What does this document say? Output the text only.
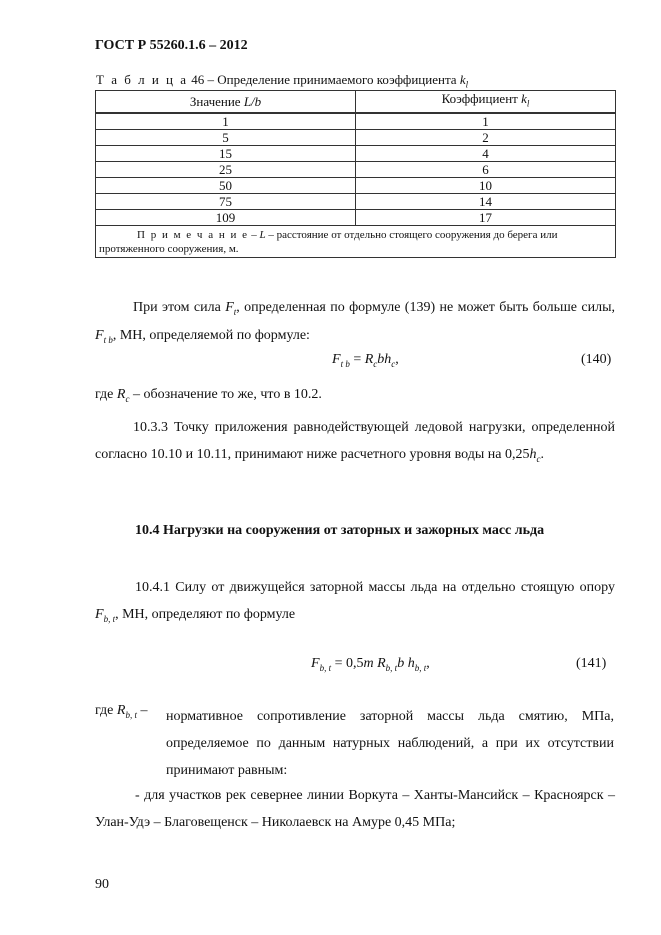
ГОСТ Р 55260.1.6 – 2012
Т а б л и ц а 46 – Определение принимаемого коэффициента $k_l$
Значение L/b	Коэффициент $k_l$
1	1
5	2
15	4
25	6
50	10
75	14
109	17
П р и м е ч а н и е – L – расстояние от отдельно стоящего сооружения до берега или протяженного сооружения, м.	
При этом сила $F_t$, определенная по формуле (139) не может быть больше силы, $F_{t b}$, МН, определяемой по формуле:
$F_{t b} = R_cbh_c$,	(140)
где $R_c$ – обозначение то же, что в 10.2.
10.3.3 Точку приложения равнодействующей ледовой нагрузки, определенной согласно 10.10 и 10.11, принимают ниже расчетного уровня воды на $0,25h_c$.
10.4 Нагрузки на сооружения от заторных и зажорных масс льда
10.4.1 Силу от движущейся заторной массы льда на отдельно стоящую опору $F_{b, t}$, МН, определяют по формуле
$F_{b, t} = 0,5m$ $R_{b, t}b$ $h_{b, t}$,	(141)
где $R_{b, t}$ – нормативное сопротивление заторной массы льда смятию, МПа, определяемое по данным натурных наблюдений, а при их отсутствии принимают равным:
- для участков рек севернее линии Воркута – Ханты-Мансийск – Красноярск – Улан-Удэ – Благовещенск – Николаевск на Амуре 0,45 МПа;
90
